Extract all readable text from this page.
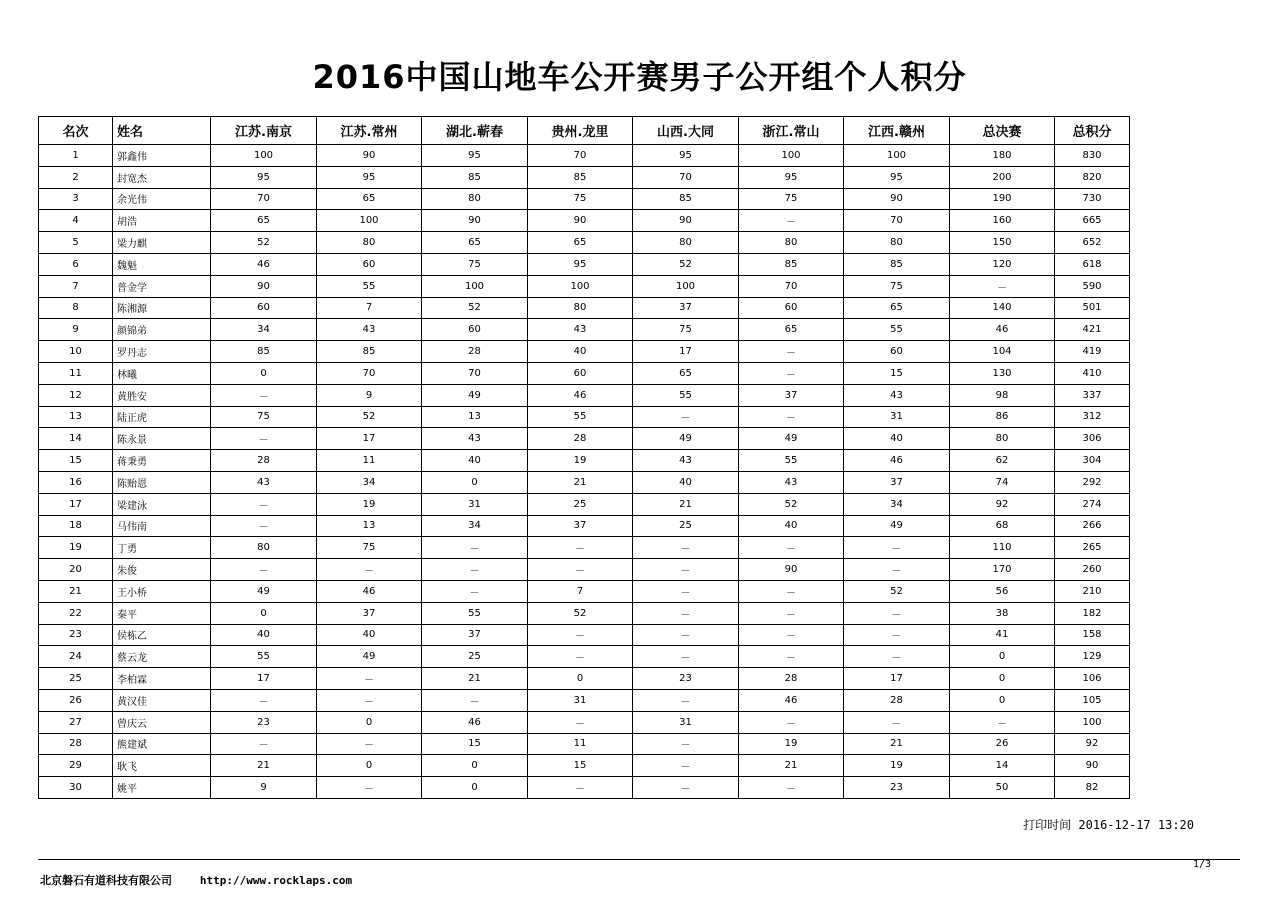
2016中国山地车公开赛男子公开组个人积分
名次	姓名	江苏.南京	江苏.常州	湖北.蕲春	贵州.龙里	山西.大同	浙江.常山	江西.赣州	总决赛	总积分
1	郭鑫伟	100	90	95	70	95	100	100	180	830
2	封宽杰	95	95	85	85	70	95	95	200	820
3	余光伟	70	65	80	75	85	75	90	190	730
4	胡浩	65	100	90	90	90	－	70	160	665
5	梁力麒	52	80	65	65	80	80	80	150	652
6	魏魁	46	60	75	95	52	85	85	120	618
7	普金学	90	55	100	100	100	70	75	－	590
8	陈湘源	60	7	52	80	37	60	65	140	501
9	颜锦弟	34	43	60	43	75	65	55	46	421
10	罗丹志	85	85	28	40	17	－	60	104	419
11	林曦	0	70	70	60	65	－	15	130	410
12	黄胜安	－	9	49	46	55	37	43	98	337
13	陆正虎	75	52	13	55	－	－	31	86	312
14	陈永景	－	17	43	28	49	49	40	80	306
15	蒋秉勇	28	11	40	19	43	55	46	62	304
16	陈贻恩	43	34	0	21	40	43	37	74	292
17	梁建泳	－	19	31	25	21	52	34	92	274
18	马伟南	－	13	34	37	25	40	49	68	266
19	丁勇	80	75	－	－	－	－	－	110	265
20	朱俊	－	－	－	－	－	90	－	170	260
21	王小桥	49	46	－	7	－	－	52	56	210
22	秦平	0	37	55	52	－	－	－	38	182
23	侯栋乙	40	40	37	－	－	－	－	41	158
24	蔡云龙	55	49	25	－	－	－	－	0	129
25	李柏霖	17	－	21	0	23	28	17	0	106
26	黄汉佳	－	－	－	31	－	46	28	0	105
27	曾庆云	23	0	46	－	31	－	－	－	100
28	熊建斌	－	－	15	11	－	19	21	26	92
29	耿飞	21	0	0	15	－	21	19	14	90
30	姚平	9	－	0	－	－	－	23	50	82
打印时间 2016-12-17 13:20
1/3
北京磐石有道科技有限公司	http://www.rocklaps.com
